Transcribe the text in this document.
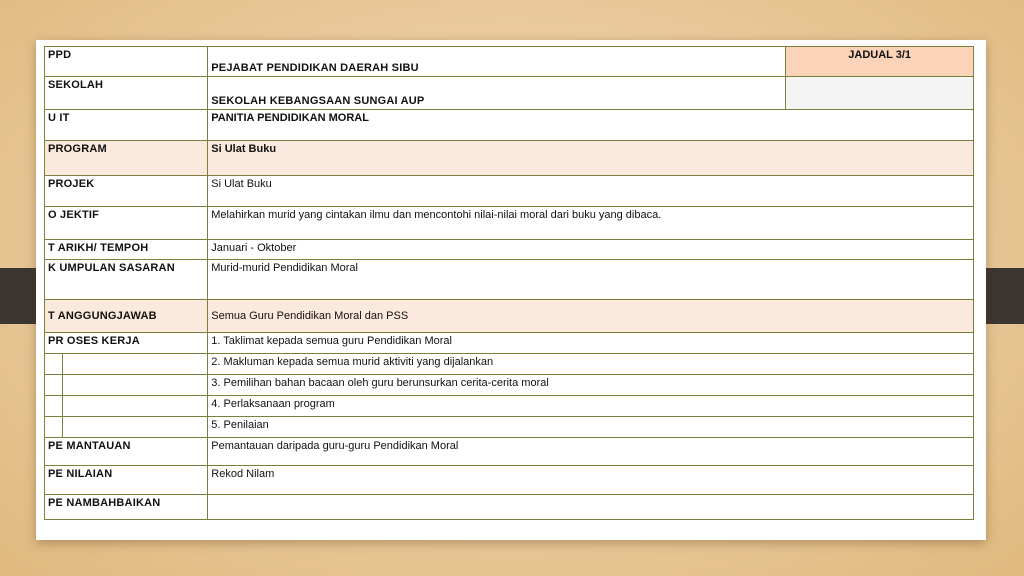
PPD		PEJABAT PENDIDIKAN DAERAH SIBU	JADUAL 3/1
SEKOLAH		SEKOLAH KEBANGSAAN SUNGAI AUP	
U IT		PANITIA PENDIDIKAN MORAL	
PROGRAM		Si Ulat Buku	
PROJEK		Si Ulat Buku	
O JEKTIF		Melahirkan murid yang cintakan ilmu dan mencontohi nilai-nilai moral dari buku yang dibaca.	
T ARIKH/ TEMPOH		Januari - Oktober	
K UMPULAN SASARAN		Murid-murid Pendidikan Moral	
T ANGGUNGJAWAB		Semua Guru Pendidikan Moral dan PSS	
PR OSES KERJA		1. Taklimat kepada semua guru Pendidikan Moral	
		2. Makluman kepada semua murid aktiviti yang dijalankan	
		3. Pemilihan bahan bacaan oleh guru berunsurkan cerita-cerita moral	
		4. Perlaksanaan program	
		5. Penilaian	
PE MANTAUAN		Pemantauan daripada guru-guru Pendidikan Moral	
PE NILAIAN		Rekod Nilam	
PE NAMBAHBAIKAN			
